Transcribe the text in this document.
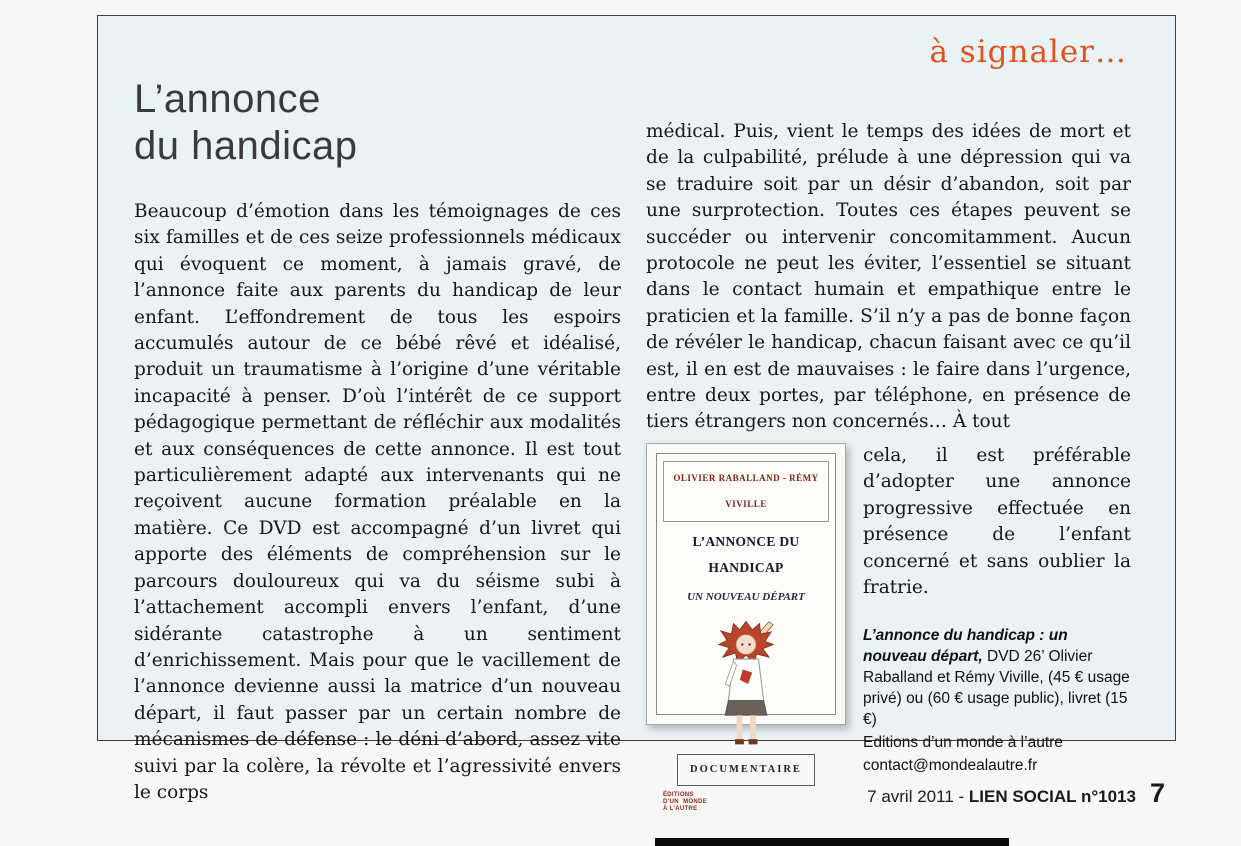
à signaler…
L’annonce
du handicap

Beaucoup d’émotion dans les témoignages de ces six familles et de ces seize professionnels médicaux qui évoquent ce moment, à jamais gravé, de l’annonce faite aux parents du handicap de leur enfant. L’effondrement de tous les espoirs accumulés autour de ce bébé rêvé et idéalisé, produit un traumatisme à l’origine d’une véritable incapacité à penser. D’où l’intérêt de ce support pédagogique permettant de réfléchir aux modalités et aux conséquences de cette annonce. Il est tout particulièrement adapté aux intervenants qui ne reçoivent aucune formation préalable en la matière. Ce DVD est accompagné d’un livret qui apporte des éléments de compréhension sur le parcours douloureux qui va du séisme subi à l’attachement accompli envers l’enfant, d’une sidérante catastrophe à un sentiment d’enrichissement. Mais pour que le vacillement de l’annonce devienne aussi la matrice d’un nouveau départ, il faut passer par un certain nombre de mécanismes de défense : le déni d’abord, assez vite suivi par la colère, la révolte et l’agressivité envers le corps

médical. Puis, vient le temps des idées de mort et de la culpabilité, prélude à une dépression qui va se traduire soit par un désir d’abandon, soit par une surprotection. Toutes ces étapes peuvent se succéder ou intervenir concomitamment. Aucun protocole ne peut les éviter, l’essentiel se situant dans le contact humain et empathique entre le praticien et la famille. S’il n’y a pas de bonne façon de révéler le handicap, chacun faisant avec ce qu’il est, il en est de mauvaises : le faire dans l’urgence, entre deux portes, par téléphone, en présence de tiers étrangers non concernés… À tout

OLIVIER RABALLAND - RÉMY VIVILLE
L’ANNONCE DU HANDICAP
UN NOUVEAU DÉPART
DOCUMENTAIRE
ÉDITIONS D’UN MONDE À L’AUTRE

cela, il est préférable d’adopter une annonce progressive effectuée en présence de l’enfant concerné et sans oublier la fratrie.

L’annonce du handicap : un nouveau départ, DVD 26’ Olivier Raballand et Rémy Viville, (45 € usage privé) ou (60 € usage public), livret (15 €)
Editions d’un monde à l’autre
contact@mondealautre.fr
7 avril 2011 - LIEN SOCIAL n°1013 7
